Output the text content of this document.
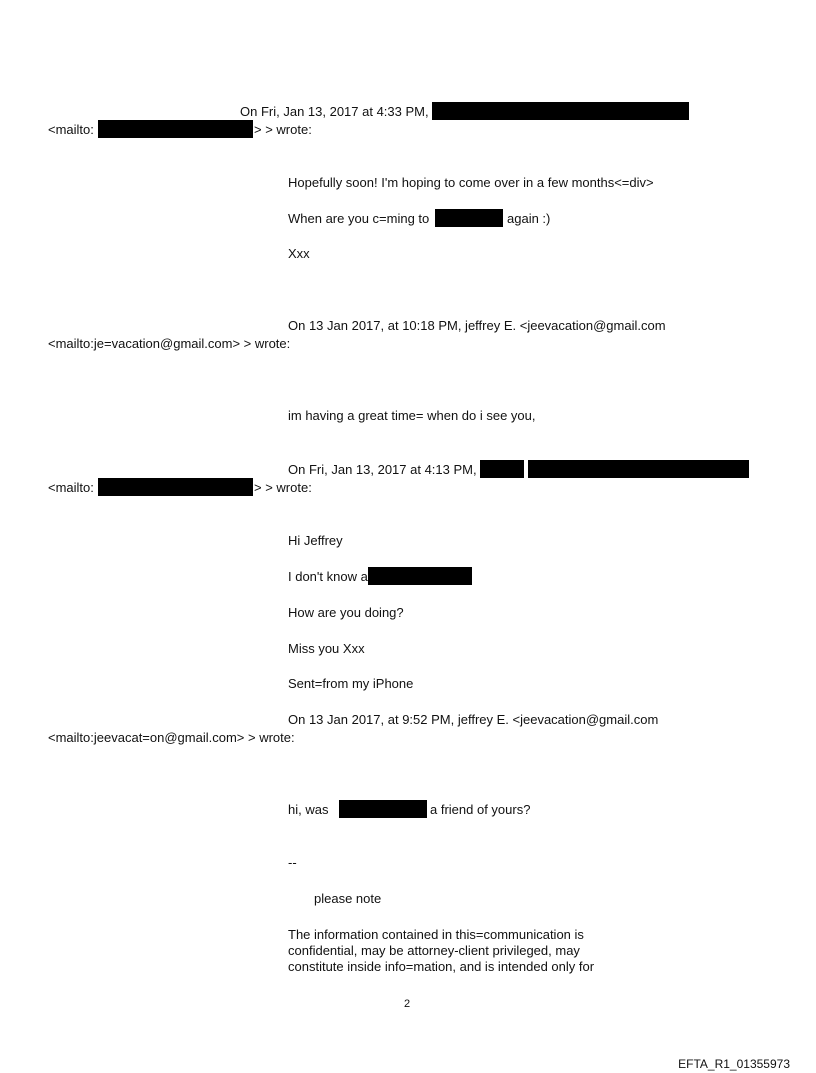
On Fri, Jan 13, 2017 at 4:33 PM,
<mailto:	> > wrote:
Hopefully soon! I'm hoping to come over in a few months<=div>
When are you c=ming to	again :)
Xxx
On 13 Jan 2017, at 10:18 PM, jeffrey E. <jeevacation@gmail.com
<mailto:je=vacation@gmail.com> > wrote:
im having a great time= when do i see you,
On Fri, Jan 13, 2017 at 4:13 PM,
<mailto:	> > wrote:
Hi Jeffrey
I don't know a
How are you doing?
Miss you Xxx
Sent=from my iPhone
On 13 Jan 2017, at 9:52 PM, jeffrey E. <jeevacation@gmail.com
<mailto:jeevacat=on@gmail.com> > wrote:
hi, was	a friend of yours?
--
please note
The information contained in this=communication is
confidential, may be attorney-client privileged, may
constitute inside info=mation, and is intended only for
2
EFTA_R1_01355973
